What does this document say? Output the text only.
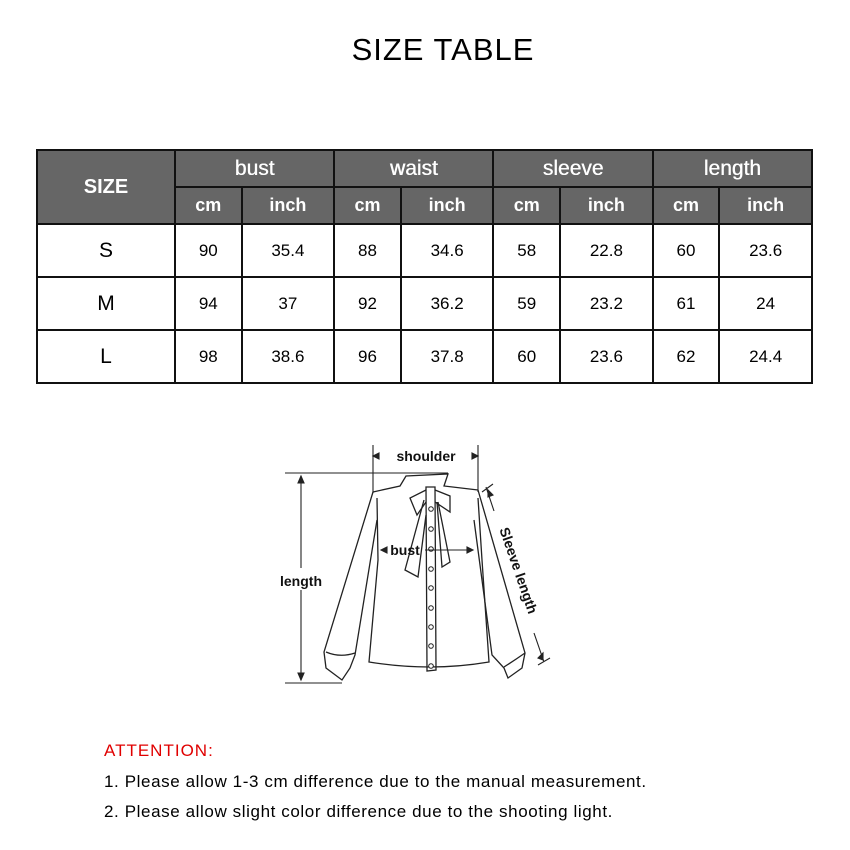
SIZE TABLE
SIZE	bust		waist		sleeve		length	
	cm	inch	cm	inch	cm	inch	cm	inch
S	90	35.4	88	34.6	58	22.8	60	23.6
M	94	37	92	36.2	59	23.2	61	24
L	98	38.6	96	37.8	60	23.6	62	24.4
shoulder
bust
length	Sleeve length
ATTENTION:
1. Please allow 1-3 cm difference due to the manual measurement.
2. Please allow slight color difference due to the shooting light.
